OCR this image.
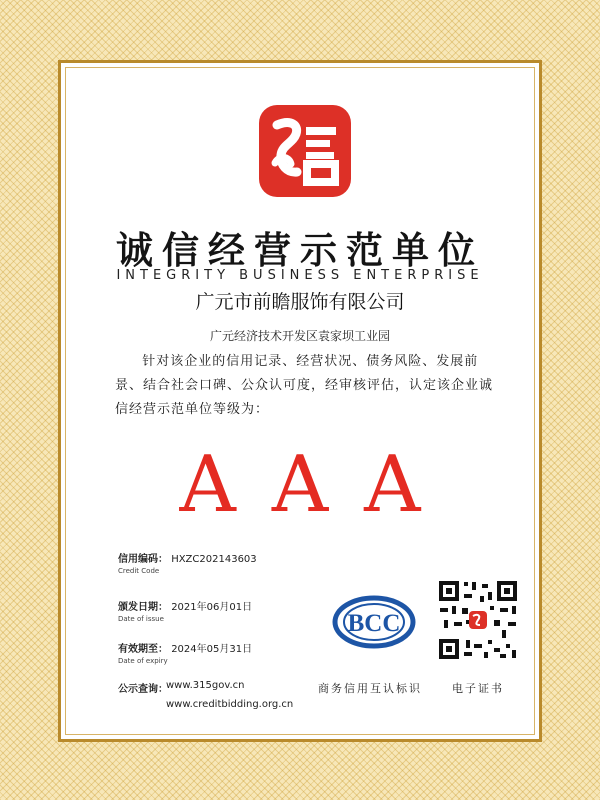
诚信经营示范单位
INTEGRITY BUSINESS ENTERPRISE
广元市前瞻服饰有限公司
广元经济技术开发区袁家坝工业园
针对该企业的信用记录、经营状况、债务风险、发展前景、结合社会口碑、公众认可度，经审核评估，认定该企业诚信经营示范单位等级为：
AAA
信用编码： HXZC202143603
Credit Code
颁发日期： 2021年06月01日
Date of issue
有效期至： 2024年05月31日
Date of expiry
公示查询：
www.315gov.cn
www.creditbidding.org.cn
BCC
商务信用互认标识	电子证书
